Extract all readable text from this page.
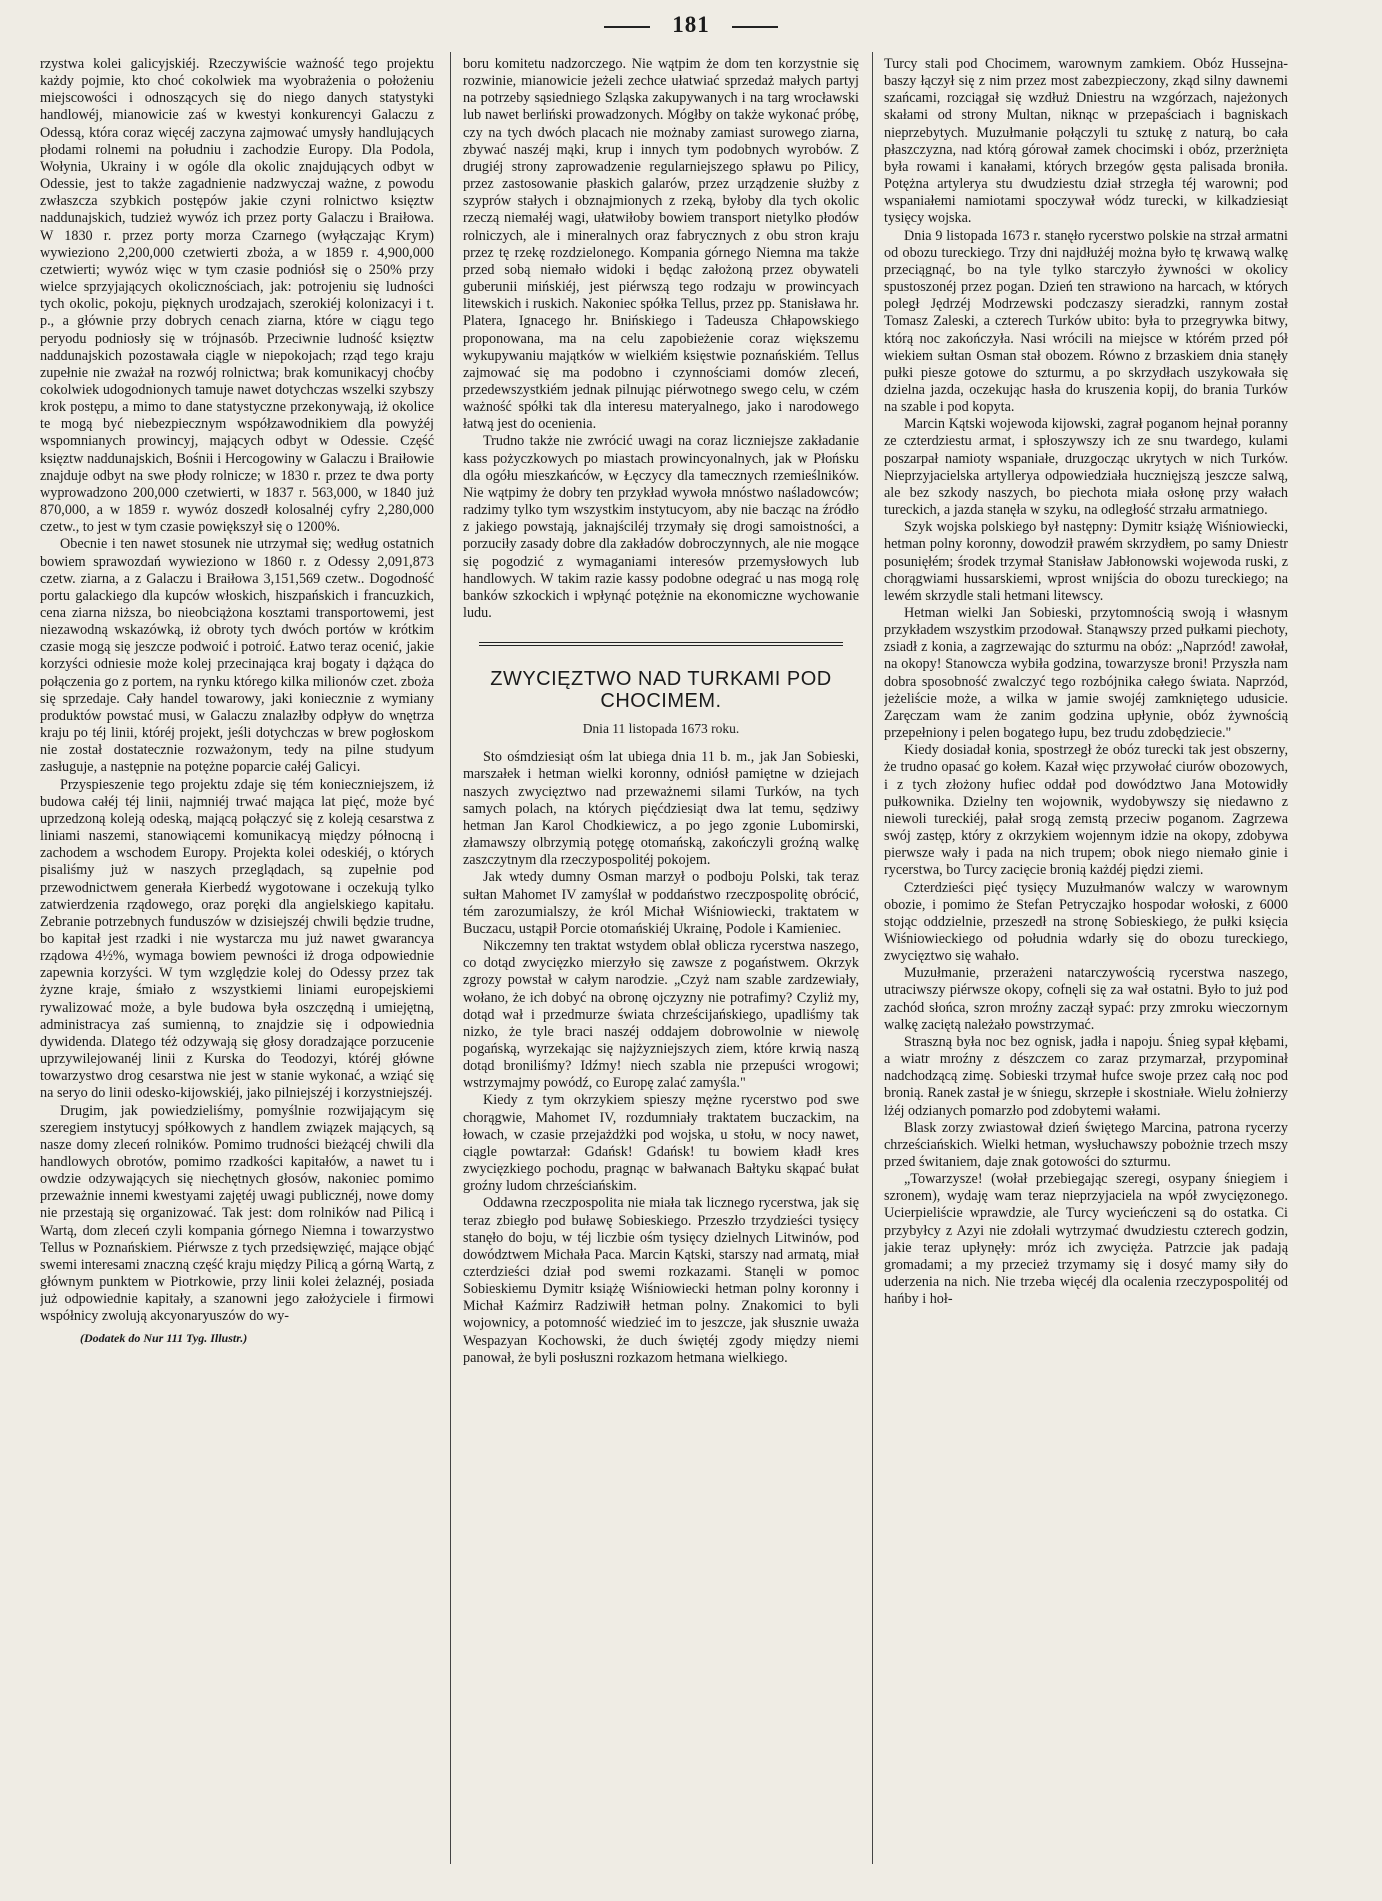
181

rzystwa kolei galicyjskiéj. Rzeczywiście ważność tego projektu każdy pojmie, kto choć cokolwiek ma wyobrażenia o położeniu miejscowości i odnoszących się do niego danych statystyki handlowéj, mianowicie zaś w kwestyi konkurencyi Galaczu z Odessą, która coraz więcéj zaczyna zajmować umysły handlujących płodami rolnemi na południu i zachodzie Europy. Dla Podola, Wołynia, Ukrainy i w ogóle dla okolic znajdujących odbyt w Odessie, jest to także zagadnienie nadzwyczaj ważne, z powodu zwłaszcza szybkich postępów jakie czyni rolnictwo księztw naddunajskich, tudzież wywóz ich przez porty Galaczu i Braiłowa. W 1830 r. przez porty morza Czarnego (wyłączając Krym) wywieziono 2,200,000 czetwierti zboża, a w 1859 r. 4,900,000 czetwierti; wywóz więc w tym czasie podniósł się o 250% przy wielce sprzyjających okolicznościach, jak: potrojeniu się ludności tych okolic, pokoju, pięknych urodzajach, szerokiéj kolonizacyi i t. p., a głównie przy dobrych cenach ziarna, które w ciągu tego peryodu podniosły się w trójnasób. Przeciwnie ludność księztw naddunajskich pozostawała ciągle w niepokojach; rząd tego kraju zupełnie nie zważał na rozwój rolnictwa; brak komunikacyj choćby cokolwiek udogodnionych tamuje nawet dotychczas wszelki szybszy krok postępu, a mimo to dane statystyczne przekonywają, iż okolice te mogą być niebezpiecznym współzawodnikiem dla powyżéj wspomnianych prowincyj, mających odbyt w Odessie. Część księztw naddunajskich, Bośnii i Hercogowiny w Galaczu i Braiłowie znajduje odbyt na swe płody rolnicze; w 1830 r. przez te dwa porty wyprowadzono 200,000 czetwierti, w 1837 r. 563,000, w 1840 już 870,000, a w 1859 r. wywóz doszedł kolosalnéj cyfry 2,280,000 czetw., to jest w tym czasie powiększył się o 1200%.

Obecnie i ten nawet stosunek nie utrzymał się; według ostatnich bowiem sprawozdań wywieziono w 1860 r. z Odessy 2,091,873 czetw. ziarna, a z Galaczu i Braiłowa 3,151,569 czetw.. Dogodność portu galackiego dla kupców włoskich, hiszpańskich i francuzkich, cena ziarna niższa, bo nieobciążona kosztami transportowemi, jest niezawodną wskazówką, iż obroty tych dwóch portów w krótkim czasie mogą się jeszcze podwoić i potroić. Łatwo teraz ocenić, jakie korzyści odniesie może kolej przecinająca kraj bogaty i dążąca do połączenia go z portem, na rynku którego kilka milionów czet. zboża się sprzedaje. Cały handel towarowy, jaki koniecznie z wymiany produktów powstać musi, w Galaczu znalazłby odpływ do wnętrza kraju po téj linii, któréj projekt, jeśli dotychczas w brew pogłoskom nie został dostatecznie rozważonym, tedy na pilne studyum zasługuje, a następnie na potężne poparcie całéj Galicyi.

Przyspieszenie tego projektu zdaje się tém konieczniejszem, iż budowa całéj téj linii, najmniéj trwać mająca lat pięć, może być uprzedzoną koleją odeską, mającą połączyć się z koleją cesarstwa z liniami naszemi, stanowiącemi komunikacyą między północną i zachodem a wschodem Europy. Projekta kolei odeskiéj, o których pisaliśmy już w naszych przeglądach, są zupełnie pod przewodnictwem generała Kierbedź wygotowane i oczekują tylko zatwierdzenia rządowego, oraz poręki dla angielskiego kapitału. Zebranie potrzebnych funduszów w dzisiejszéj chwili będzie trudne, bo kapitał jest rzadki i nie wystarcza mu już nawet gwarancya rządowa 4½%, wymaga bowiem pewności iż droga odpowiednie zapewnia korzyści. W tym względzie kolej do Odessy przez tak żyzne kraje, śmiało z wszystkiemi liniami europejskiemi rywalizować może, a byle budowa była oszczędną i umiejętną, administracya zaś sumienną, to znajdzie się i odpowiednia dywidenda. Dlatego téż odzywają się głosy doradzające porzucenie uprzywilejowanéj linii z Kurska do Teodozyi, któréj główne towarzystwo drog cesarstwa nie jest w stanie wykonać, a wziąć się na seryo do linii odesko-kijowskiéj, jako pilniejszéj i korzystniejszéj.

Drugim, jak powiedzieliśmy, pomyślnie rozwijającym się szeregiem instytucyj spółkowych z handlem związek mających, są nasze domy zleceń rolników. Pomimo trudności bieżącéj chwili dla handlowych obrotów, pomimo rzadkości kapitałów, a nawet tu i owdzie odzywających się niechętnych głosów, nakoniec pomimo przeważnie innemi kwestyami zajętéj uwagi publicznéj, nowe domy nie przestają się organizować. Tak jest: dom rolników nad Pilicą i Wartą, dom zleceń czyli kompania górnego Niemna i towarzystwo Tellus w Poznańskiem. Piérwsze z tych przedsięwzięć, mające objąć swemi interesami znaczną część kraju między Pilicą a górną Wartą, z głównym punktem w Piotrkowie, przy linii kolei żelaznéj, posiada już odpowiednie kapitały, a szanowni jego założyciele i firmowi współnicy zwolują akcyonaryuszów do wy-

(Dodatek do Nur 111 Tyg. Illustr.)

boru komitetu nadzorczego. Nie wątpim że dom ten korzystnie się rozwinie, mianowicie jeżeli zechce ułatwiać sprzedaż małych partyj na potrzeby sąsiedniego Szląska zakupywanych i na targ wrocławski lub nawet berliński prowadzonych. Mógłby on także wykonać próbę, czy na tych dwóch placach nie możnaby zamiast surowego ziarna, zbywać naszéj mąki, krup i innych tym podobnych wyrobów. Z drugiéj strony zaprowadzenie regularniejszego spławu po Pilicy, przez zastosowanie płaskich galarów, przez urządzenie służby z szyprów stałych i obznajmionych z rzeką, byłoby dla tych okolic rzeczą niemałéj wagi, ułatwiłoby bowiem transport nietylko płodów rolniczych, ale i mineralnych oraz fabrycznych z obu stron kraju przez tę rzekę rozdzielonego. Kompania górnego Niemna ma także przed sobą niemało widoki i będąc założoną przez obywateli guberunii mińskiéj, jest piérwszą tego rodzaju w prowincyach litewskich i ruskich. Nakoniec spółka Tellus, przez pp. Stanisława hr. Platera, Ignacego hr. Bnińskiego i Tadeusza Chłapowskiego proponowana, ma na celu zapobieżenie coraz większemu wykupywaniu majątków w wielkiém księstwie poznańskiém. Tellus zajmować się ma podobno i czynnościami domów zleceń, przedewszystkiém jednak pilnując piérwotnego swego celu, w czém ważność spółki tak dla interesu materyalnego, jako i narodowego łatwą jest do ocenienia.

Trudno także nie zwrócić uwagi na coraz liczniejsze zakładanie kass pożyczkowych po miastach prowincyonalnych, jak w Płońsku dla ogółu mieszkańców, w Łęczycy dla tamecznych rzemieślników. Nie wątpimy że dobry ten przykład wywoła mnóstwo naśladowców; radzimy tylko tym wszystkim instytucyom, aby nie bacząc na źródło z jakiego powstają, jaknajściléj trzymały się drogi samoistności, a porzuciły zasady dobre dla zakładów dobroczynnych, ale nie mogące się pogodzić z wymaganiami interesów przemysłowych lub handlowych. W takim razie kassy podobne odegrać u nas mogą rolę banków szkockich i wpłynąć potężnie na ekonomiczne wychowanie ludu.

ZWYCIĘZTWO NAD TURKAMI POD CHOCIMEM.
Dnia 11 listopada 1673 roku.

Sto ośmdziesiąt ośm lat ubiega dnia 11 b. m., jak Jan Sobieski, marszałek i hetman wielki koronny, odniósł pamiętne w dziejach naszych zwycięztwo nad przeważnemi silami Turków, na tych samych polach, na których pięćdziesiąt dwa lat temu, sędziwy hetman Jan Karol Chodkiewicz, a po jego zgonie Lubomirski, złamawszy olbrzymią potęgę otomańską, zakończyli groźną walkę zaszczytnym dla rzeczypospolitéj pokojem.

Jak wtedy dumny Osman marzył o podboju Polski, tak teraz sułtan Mahomet IV zamyślał w poddaństwo rzeczpospolitę obrócić, tém zarozumialszy, że król Michał Wiśniowiecki, traktatem w Buczacu, ustąpił Porcie otomańskiéj Ukrainę, Podole i Kamieniec.

Nikczemny ten traktat wstydem oblał oblicza rycerstwa naszego, co dotąd zwycięzko mierzyło się zawsze z pogaństwem. Okrzyk zgrozy powstał w całym narodzie. „Czyż nam szable zardzewiały, wołano, że ich dobyć na obronę ojczyzny nie potrafimy? Czyliż my, dotąd wał i przedmurze świata chrześcijańskiego, upadliśmy tak nizko, że tyle braci naszéj oddajem dobrowolnie w niewolę pogańską, wyrzekając się najżyzniejszych ziem, które krwią naszą dotąd broniliśmy? Idźmy! niech szabla nie przepuści wrogowi; wstrzymajmy powódź, co Europę zalać zamyśla."

Kiedy z tym okrzykiem spieszy mężne rycerstwo pod swe chorągwie, Mahomet IV, rozdumniały traktatem buczackim, na łowach, w czasie przejażdżki pod wojska, u stołu, w nocy nawet, ciągle powtarzał: Gdańsk! Gdańsk! tu bowiem kładł kres zwycięzkiego pochodu, pragnąc w bałwanach Bałtyku skąpać bułat groźny ludom chrześciańskim.

Oddawna rzeczpospolita nie miała tak licznego rycerstwa, jak się teraz zbiegło pod buławę Sobieskiego. Przeszło trzydzieści tysięcy stanęło do boju, w téj liczbie ośm tysięcy dzielnych Litwinów, pod dowództwem Michała Paca. Marcin Kątski, starszy nad armatą, miał czterdzieści dział pod swemi rozkazami. Stanęli w pomoc Sobieskiemu Dymitr książę Wiśniowiecki hetman polny koronny i Michał Kaźmirz Radziwiłł hetman polny. Znakomici to byli wojownicy, a potomność wiedzieć im to jeszcze, jak słusznie uważa Wespazyan Kochowski, że duch świętéj zgody między niemi panował, że byli posłuszni rozkazom hetmana wielkiego.

Turcy stali pod Chocimem, warownym zamkiem. Obóz Hussejna-baszy łączył się z nim przez most zabezpieczony, zkąd silny dawnemi szańcami, rozciągał się wzdłuż Dniestru na wzgórzach, najeżonych skałami od strony Multan, niknąc w przepaściach i bagniskach nieprzebytych. Muzułmanie połączyli tu sztukę z naturą, bo cała płaszczyzna, nad którą górował zamek chocimski i obóz, przerżnięta była rowami i kanałami, których brzegów gęsta palisada broniła. Potężna artylerya stu dwudziestu dział strzegła téj warowni; pod wspaniałemi namiotami spoczywał wódz turecki, w kilkadziesiąt tysięcy wojska.

Dnia 9 listopada 1673 r. stanęło rycerstwo polskie na strzał armatni od obozu tureckiego. Trzy dni najdłużéj można było tę krwawą walkę przeciągnąć, bo na tyle tylko starczyło żywności w okolicy spustoszonéj przez pogan. Dzień ten strawiono na harcach, w których poległ Jędrzéj Modrzewski podczaszy sieradzki, rannym został Tomasz Zaleski, a czterech Turków ubito: była to przegrywka bitwy, którą noc zakończyła. Nasi wrócili na miejsce w którém przed pół wiekiem sułtan Osman stał obozem. Równo z brzaskiem dnia stanęły pułki piesze gotowe do szturmu, a po skrzydłach uszykowała się dzielna jazda, oczekując hasła do kruszenia kopij, do brania Turków na szable i pod kopyta.

Marcin Kątski wojewoda kijowski, zagrał poganom hejnał poranny ze czterdziestu armat, i spłoszywszy ich ze snu twardego, kulami poszarpał namioty wspaniałe, druzgocząc ukrytych w nich Turków. Nieprzyjacielska artyllerya odpowiedziała hucznięjszą jeszcze salwą, ale bez szkody naszych, bo piechota miała osłonę przy wałach tureckich, a jazda stanęła w szyku, na odległość strzału armatniego.

Szyk wojska polskiego był następny: Dymitr książę Wiśniowiecki, hetman polny koronny, dowodził prawém skrzydłem, po samy Dniestr posunięłém; środek trzymał Stanisław Jabłonowski wojewoda ruski, z chorągwiami hussarskiemi, wprost wnijścia do obozu tureckiego; na lewém skrzydle stali hetmani litewscy.

Hetman wielki Jan Sobieski, przytomnością swoją i własnym przykładem wszystkim przodował. Stanąwszy przed pułkami piechoty, zsiadł z konia, a zagrzewając do szturmu na obóz: „Naprzód! zawołał, na okopy! Stanowcza wybiła godzina, towarzysze broni! Przyszła nam dobra sposobność zwalczyć tego rozbójnika całego świata. Naprzód, jeżeliście może, a wilka w jamie swojéj zamkniętego udusicie. Zaręczam wam że zanim godzina upłynie, obóz żywnością przepełniony i pelen bogatego łupu, bez trudu zdobędziecie."

Kiedy dosiadał konia, spostrzegł że obóz turecki tak jest obszerny, że trudno opasać go kołem. Kazał więc przywołać ciurów obozowych, i z tych złożony hufiec oddał pod dowództwo Jana Motowidły pułkownika. Dzielny ten wojownik, wydobywszy się niedawno z niewoli tureckiéj, pałał srogą zemstą przeciw poganom. Zagrzewa swój zastęp, który z okrzykiem wojennym idzie na okopy, zdobywa pierwsze wały i pada na nich trupem; obok niego niemało ginie i rycerstwa, bo Turcy zacięcie bronią każdéj piędzi ziemi.

Czterdzieści pięć tysięcy Muzułmanów walczy w warownym obozie, i pomimo że Stefan Petryczajko hospodar wołoski, z 6000 stojąc oddzielnie, przeszedł na stronę Sobieskiego, że pułki księcia Wiśniowieckiego od południa wdarły się do obozu tureckiego, zwycięztwo się wahało.

Muzułmanie, przerażeni natarczywością rycerstwa naszego, utraciwszy piérwsze okopy, cofnęli się za wał ostatni. Było to już pod zachód słońca, szron mroźny zaczął sypać: przy zmroku wieczornym walkę zaciętą należało powstrzymać.

Straszną była noc bez ognisk, jadła i napoju. Śnieg sypał kłębami, a wiatr mroźny z dészczem co zaraz przymarzał, przypominał nadchodzącą zimę. Sobieski trzymał hufce swoje przez całą noc pod bronią. Ranek zastał je w śniegu, skrzepłe i skostniałe. Wielu żołnierzy lżéj odzianych pomarzło pod zdobytemi wałami.

Blask zorzy zwiastował dzień świętego Marcina, patrona rycerzy chrześciańskich. Wielki hetman, wysłuchawszy pobożnie trzech mszy przed świtaniem, daje znak gotowości do szturmu.

„Towarzysze! (wołał przebiegając szeregi, osypany śniegiem i szronem), wydaję wam teraz nieprzyjaciela na wpół zwycięzonego. Ucierpieliście wprawdzie, ale Turcy wycieńczeni są do ostatka. Ci przybyłcy z Azyi nie zdołali wytrzymać dwudziestu czterech godzin, jakie teraz upłynęły: mróz ich zwycięża. Patrzcie jak padają gromadami; a my przecież trzymamy się i dosyć mamy siły do uderzenia na nich. Nie trzeba więcéj dla ocalenia rzeczypospolitéj od hańby i hoł-
